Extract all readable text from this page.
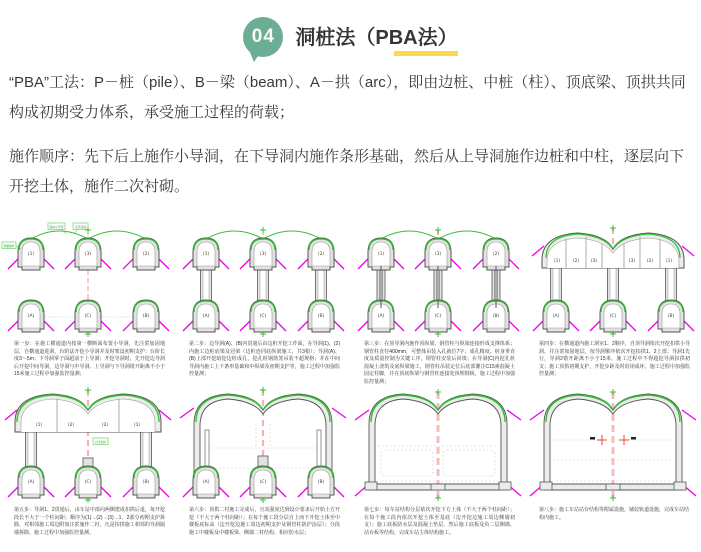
04 洞桩法（PBA法）
“PBA”工法：P－桩（pile）、B－梁（beam）、A－拱（arc），即由边桩、中桩（柱）、顶底梁、顶拱共同构成初期受力体系，承受施工过程的荷载；
施作顺序：先下后上施作小导洞，在下导洞内施作条形基础，然后从上导洞施作边桩和中柱，逐层向下开挖土体，施作二次衬砌。
(1)	(3)	(2)
(A)	(C)	(B)
超前小导管	注浆加固
锁脚锚杆
第一步：在施工横通道内按第一横断面布置小导洞，先注浆加固地层，自横通道进洞，台阶法开挖小导洞并及时架设初期支护：台阶长度3～5m；下导洞掌子面超前于上导洞；开挖导洞时，先开挖边导洞后开挖中间导洞，边导洞与中导洞、上导洞与下导洞错开距离不小于15米施工过程中加强监控量测；
(1)	(3)	(2)
(A)	(C)	(B)
第二步：边导洞(A)、(B)内贯通后由边桩开挖工作面，在导洞(1)、(2)内施工边桩底梁及冠梁（边桩连同底纵梁施工，共3根）；导洞(A)、(B)上部开挖暗挖边桩成孔，挖孔桩钢筋笼吊装不超规格；并在中间导洞内施工上下条形基础和中纵梁及初期支护等，施工过程中加强监控量测；
(1)	(3)	(2)
(A)	(C)	(B)
第三步：在顶导洞内施作顶纵梁，钢管柱与纵梁连接形成支撑体系；钢管柱直径400mm，可整体吊装入孔就位7字；成孔精度、桩身垂直度及质量控制为关键工序，钢管柱安装后回填；在导洞(C)内挖孔桩混凝土浇筑及底纵梁施工，钢管柱吊装定位后底部灌注C15素混凝土固定柱脚，并在顶底纵梁与钢管柱连接处预埋钢板，施工过程中加强监控量测；
(1)	(2)	(3)	(3)	(2)	(1)
(A)	(C)	(B)
第四步：在横通道内施工洞室1、2顺序，自顶导洞依次开挖扣拱小导洞，并注浆加固地层，按导洞顺序依次开挖扣拱1、2上部；导洞1先行，导洞2错开距离不小于15米，施工过程中不得超挖导洞扣拱初支；施工顶拱初期支护，开挖步距及时封闭成环，施工过程中加强监控量测；
初支扣拱
(1)	(2)	(2)	(1)
(A)	(C)	(B)
第五步：导洞1、2贯通后，由车站中部向两侧建成扣拱后退，每开挖段长不大于一个柱间距；顺序为(1)→(2)→(3)→1、2部分初期支护拆除，对相邻施工周边附加注浆施作二衬，凡是扣拱施工相邻的导洞隔墙拆除，施工过程中加强监控量测。
(A)	(C)	(B)
第六步：顶拱二衬施工完成后，且其强度达到设计要求后开始土方开挖（不大于两个柱间距）；在每个施工段分层自上而下开挖土体至中楼板底标高（边开挖边施工周边初期支护及钢管柱防护涂层）；分段施工中楼板及中楼板梁、侧墙二衬结构、相应防水层；
第七步：每车站结构分层依次开挖下方土体（不大于两个柱间距）；在每个施工段内依次开挖土体至基底（边开挖边施工周边侧墙初支）；施工底板防水层及混凝土垫层，然后施工底板及负二层侧墙、站台板等结构，完成车站主体结构施工。
第八步：施工车站站台结构等附属设施，铺装轨道设施，完成车站结构内施工。
